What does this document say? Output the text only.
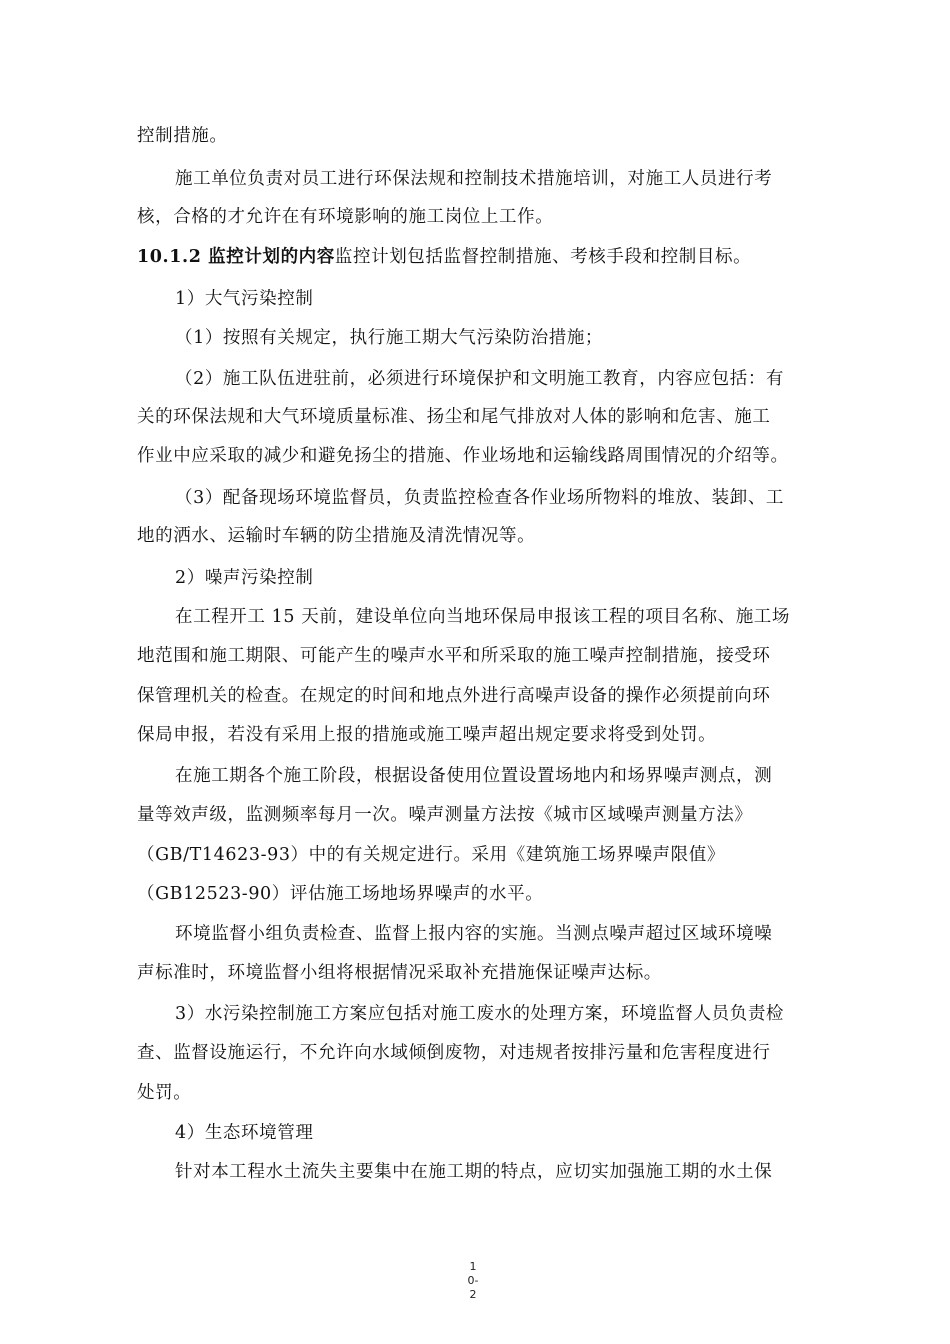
控制措施。
施工单位负责对员工进行环保法规和控制技术措施培训，对施工人员进行考
核，合格的才允许在有环境影响的施工岗位上工作。
10.1.2 监控计划的内容监控计划包括监督控制措施、考核手段和控制目标。
1）大气污染控制
（1）按照有关规定，执行施工期大气污染防治措施；
（2）施工队伍进驻前，必须进行环境保护和文明施工教育，内容应包括：有
关的环保法规和大气环境质量标准、扬尘和尾气排放对人体的影响和危害、施工
作业中应采取的减少和避免扬尘的措施、作业场地和运输线路周围情况的介绍等。
（3）配备现场环境监督员，负责监控检查各作业场所物料的堆放、装卸、工
地的洒水、运输时车辆的防尘措施及清洗情况等。
2）噪声污染控制
在工程开工 15 天前，建设单位向当地环保局申报该工程的项目名称、施工场
地范围和施工期限、可能产生的噪声水平和所采取的施工噪声控制措施，接受环
保管理机关的检查。在规定的时间和地点外进行高噪声设备的操作必须提前向环
保局申报，若没有采用上报的措施或施工噪声超出规定要求将受到处罚。
在施工期各个施工阶段，根据设备使用位置设置场地内和场界噪声测点，测
量等效声级，监测频率每月一次。噪声测量方法按《城市区域噪声测量方法》
（GB/T14623-93）中的有关规定进行。采用《建筑施工场界噪声限值》
（GB12523-90）评估施工场地场界噪声的水平。
环境监督小组负责检查、监督上报内容的实施。当测点噪声超过区域环境噪
声标准时，环境监督小组将根据情况采取补充措施保证噪声达标。
3）水污染控制施工方案应包括对施工废水的处理方案，环境监督人员负责检
查、监督设施运行，不允许向水域倾倒废物，对违规者按排污量和危害程度进行
处罚。
4）生态环境管理
针对本工程水土流失主要集中在施工期的特点，应切实加强施工期的水土保
1
0-
2
